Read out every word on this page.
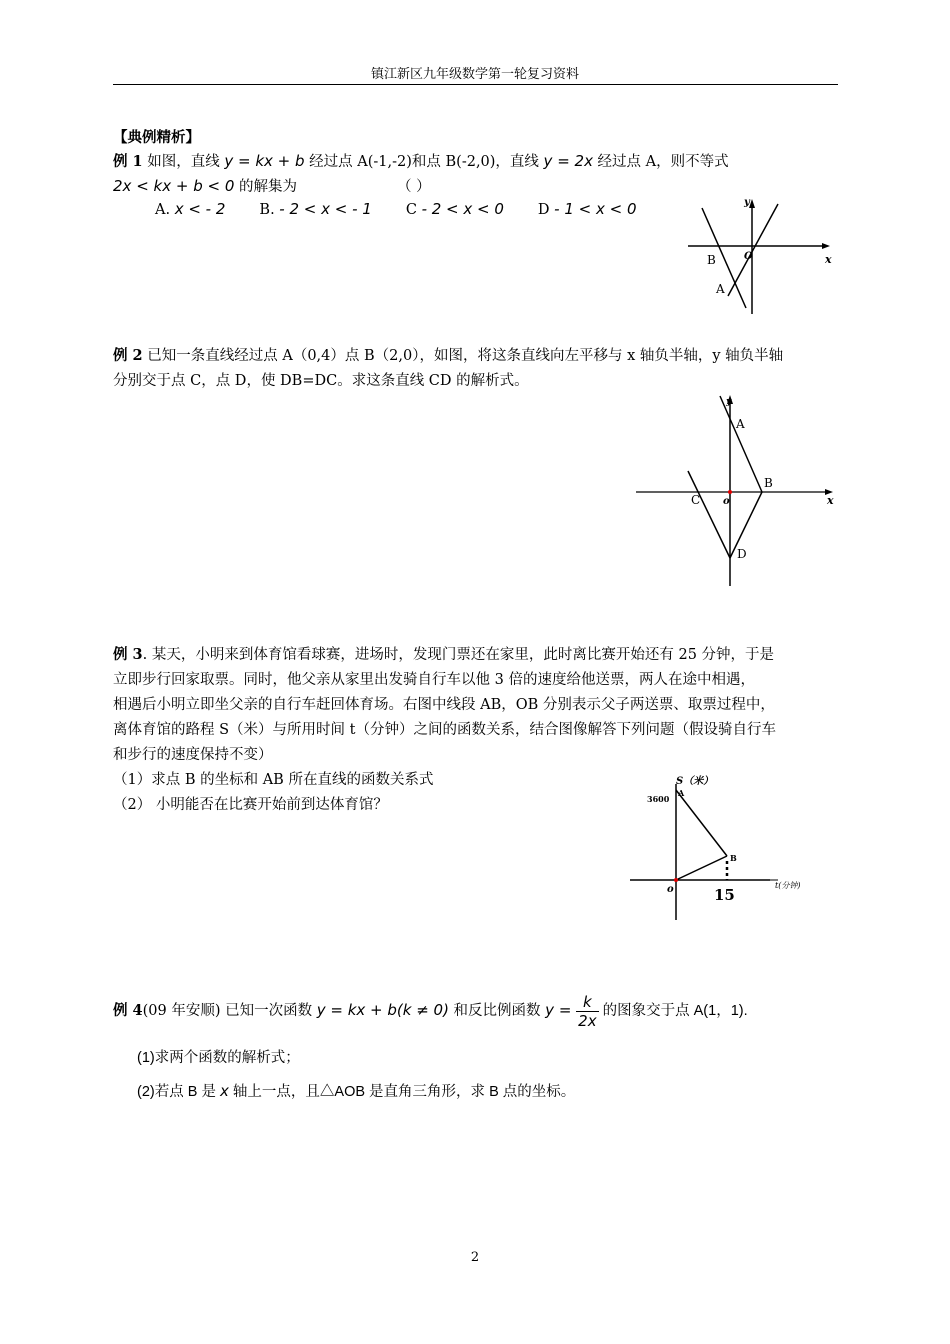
镇江新区九年级数学第一轮复习资料
【典例精析】
例 1 如图，直线 y = kx + b 经过点 A(-1,-2)和点 B(-2,0)，直线 y = 2x 经过点 A，则不等式
2x < kx + b < 0 的解集为	（ ）
A. x < - 2 B. - 2 < x < - 1 C - 2 < x < 0 D - 1 < x < 0	y
x
O
B
A
例 2 已知一条直线经过点 A（0,4）点 B（2,0），如图，将这条直线向左平移与 x 轴负半轴，y 轴负半轴
分别交于点 C，点 D，使 DB=DC。求这条直线 CD 的解析式。
y
x
o
A
B
C
D
例 3. 某天，小明来到体育馆看球赛，进场时，发现门票还在家里，此时离比赛开始还有 25 分钟，于是
立即步行回家取票。同时，他父亲从家里出发骑自行车以他 3 倍的速度给他送票，两人在途中相遇，
相遇后小明立即坐父亲的自行车赶回体育场。右图中线段 AB，OB 分别表示父子两送票、取票过程中，
离体育馆的路程 S（米）与所用时间 t（分钟）之间的函数关系，结合图像解答下列问题（假设骑自行车
和步行的速度保持不变）
（1）求点 B 的坐标和 AB 所在直线的函数关系式
（2） 小明能否在比赛开始前到达体育馆？
S（米）
3600
A
B
o	15
t(分钟)
例 4(09 年安顺) 已知一次函数 y = kx + b(k ≠ 0) 和反比例函数 $y = \frac{k}{2x}$ 的图象交于点 A(1，1).
(1)求两个函数的解析式；
(2)若点 B 是 x 轴上一点，且△AOB 是直角三角形，求 B 点的坐标。
2
